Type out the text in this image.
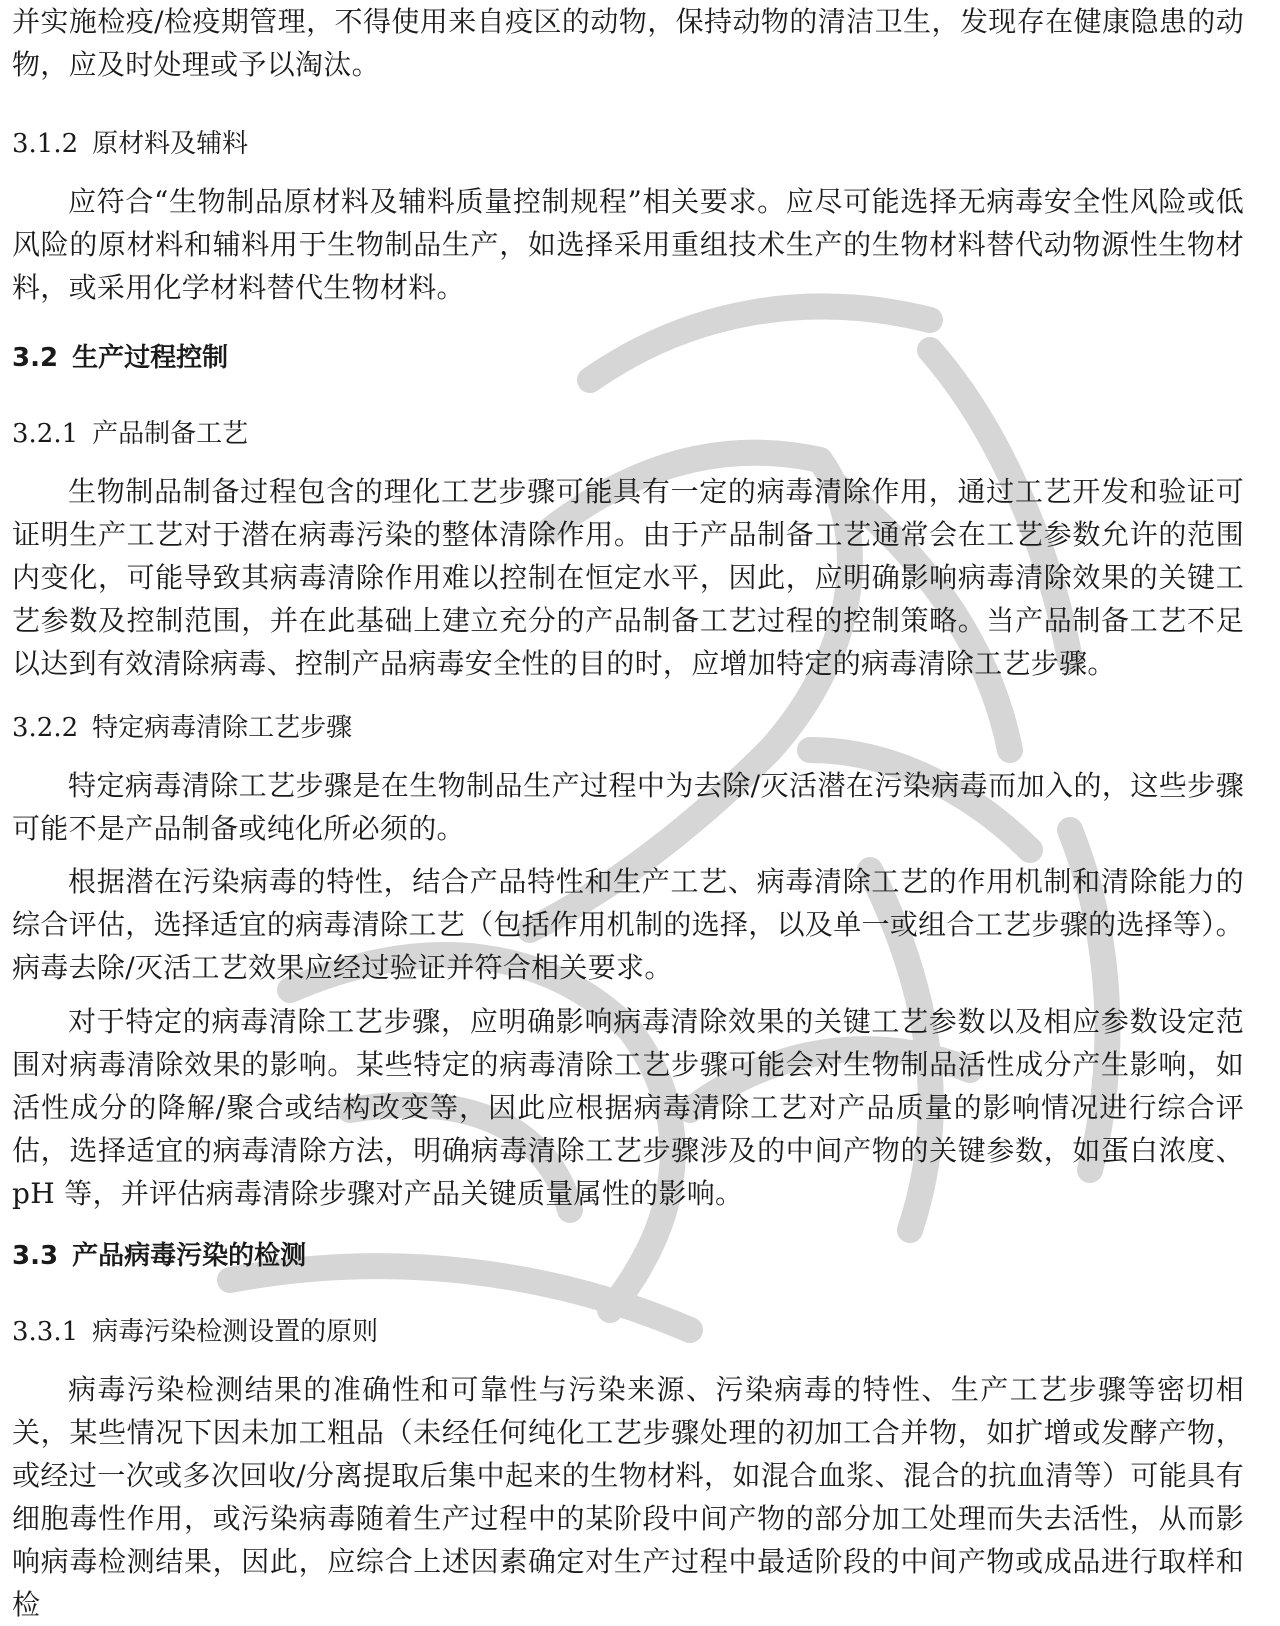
并实施检疫/检疫期管理，不得使用来自疫区的动物，保持动物的清洁卫生，发现存在健康隐患的动物，应及时处理或予以淘汰。

3.1.2 原材料及辅料

应符合“生物制品原材料及辅料质量控制规程”相关要求。应尽可能选择无病毒安全性风险或低风险的原材料和辅料用于生物制品生产，如选择采用重组技术生产的生物材料替代动物源性生物材料，或采用化学材料替代生物材料。

3.2 生产过程控制
3.2.1 产品制备工艺

生物制品制备过程包含的理化工艺步骤可能具有一定的病毒清除作用，通过工艺开发和验证可证明生产工艺对于潜在病毒污染的整体清除作用。由于产品制备工艺通常会在工艺参数允许的范围内变化，可能导致其病毒清除作用难以控制在恒定水平，因此，应明确影响病毒清除效果的关键工艺参数及控制范围，并在此基础上建立充分的产品制备工艺过程的控制策略。当产品制备工艺不足以达到有效清除病毒、控制产品病毒安全性的目的时，应增加特定的病毒清除工艺步骤。

3.2.2 特定病毒清除工艺步骤

特定病毒清除工艺步骤是在生物制品生产过程中为去除/灭活潜在污染病毒而加入的，这些步骤可能不是产品制备或纯化所必须的。

根据潜在污染病毒的特性，结合产品特性和生产工艺、病毒清除工艺的作用机制和清除能力的综合评估，选择适宜的病毒清除工艺（包括作用机制的选择，以及单一或组合工艺步骤的选择等）。病毒去除/灭活工艺效果应经过验证并符合相关要求。

对于特定的病毒清除工艺步骤，应明确影响病毒清除效果的关键工艺参数以及相应参数设定范围对病毒清除效果的影响。某些特定的病毒清除工艺步骤可能会对生物制品活性成分产生影响，如活性成分的降解/聚合或结构改变等，因此应根据病毒清除工艺对产品质量的影响情况进行综合评估，选择适宜的病毒清除方法，明确病毒清除工艺步骤涉及的中间产物的关键参数，如蛋白浓度、pH 等，并评估病毒清除步骤对产品关键质量属性的影响。

3.3 产品病毒污染的检测
3.3.1 病毒污染检测设置的原则

病毒污染检测结果的准确性和可靠性与污染来源、污染病毒的特性、生产工艺步骤等密切相关，某些情况下因未加工粗品（未经任何纯化工艺步骤处理的初加工合并物，如扩增或发酵产物，或经过一次或多次回收/分离提取后集中起来的生物材料，如混合血浆、混合的抗血清等）可能具有细胞毒性作用，或污染病毒随着生产过程中的某阶段中间产物的部分加工处理而失去活性，从而影响病毒检测结果，因此，应综合上述因素确定对生产过程中最适阶段的中间产物或成品进行取样和检
